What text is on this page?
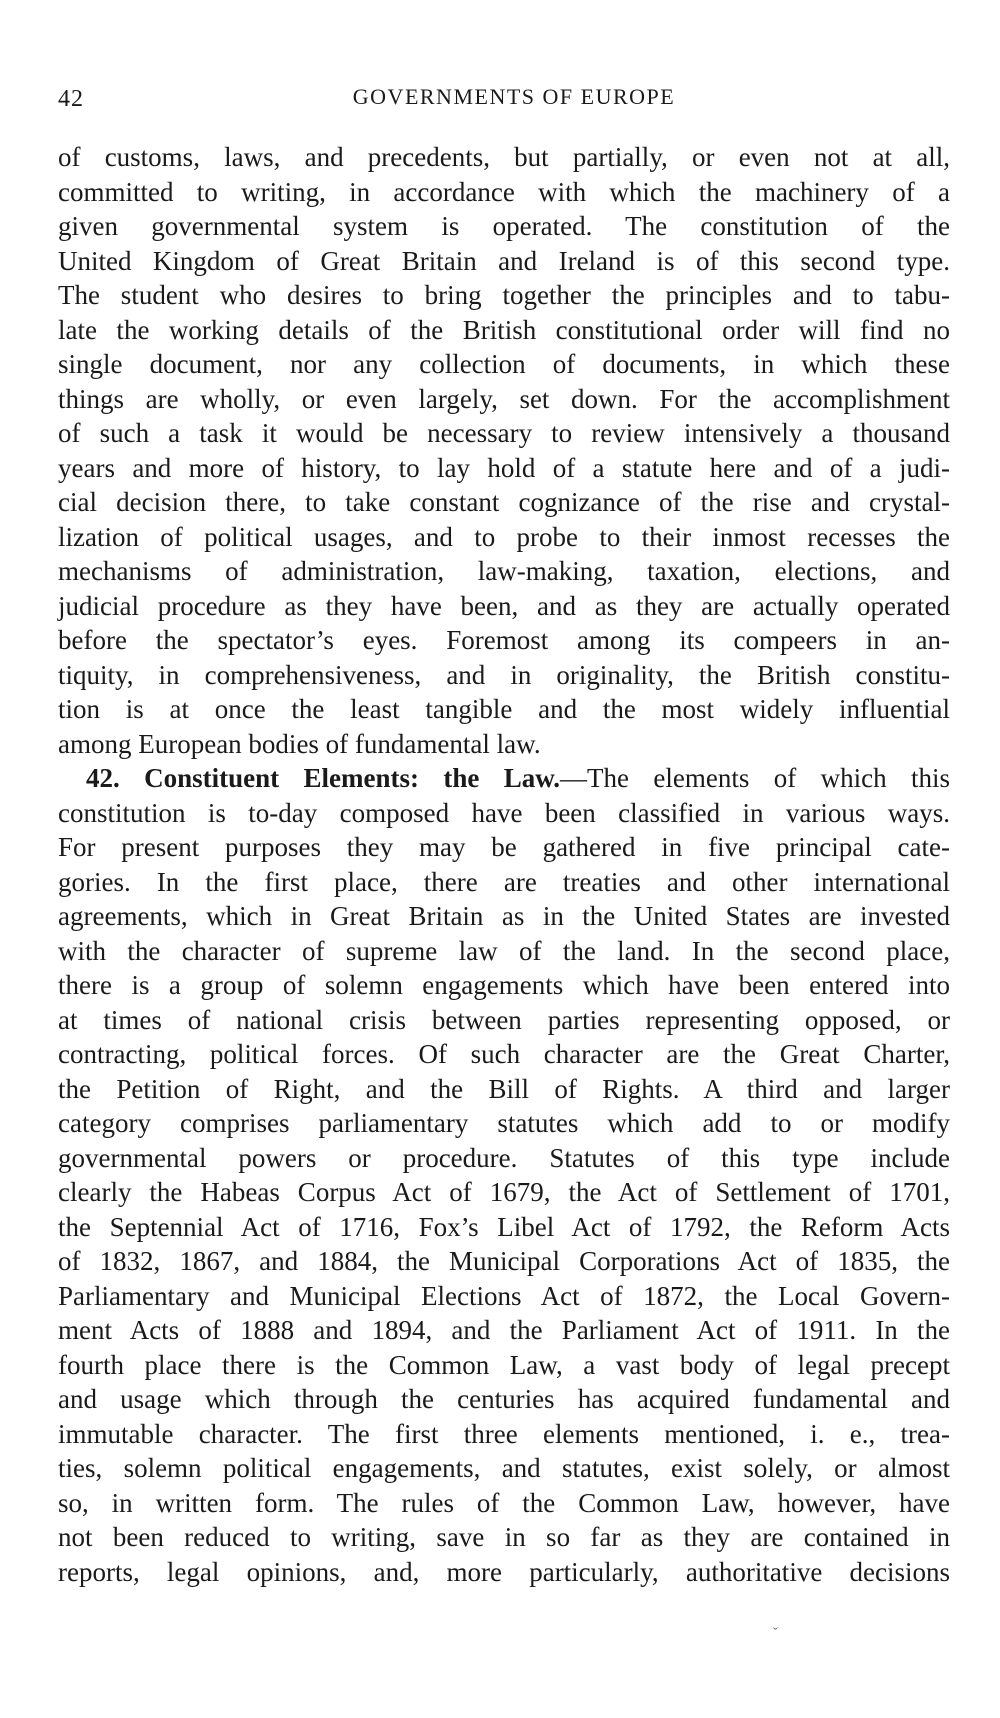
42	GOVERNMENTS OF EUROPE
of customs, laws, and precedents, but partially, or even not at all,
committed to writing, in accordance with which the machinery of a
given governmental system is operated. The constitution of the
United Kingdom of Great Britain and Ireland is of this second type.
The student who desires to bring together the principles and to tabu-
late the working details of the British constitutional order will find no
single document, nor any collection of documents, in which these
things are wholly, or even largely, set down. For the accomplishment
of such a task it would be necessary to review intensively a thousand
years and more of history, to lay hold of a statute here and of a judi-
cial decision there, to take constant cognizance of the rise and crystal-
lization of political usages, and to probe to their inmost recesses the
mechanisms of administration, law-making, taxation, elections, and
judicial procedure as they have been, and as they are actually operated
before the spectator’s eyes. Foremost among its compeers in an-
tiquity, in comprehensiveness, and in originality, the British constitu-
tion is at once the least tangible and the most widely influential
among European bodies of fundamental law.
42. Constituent Elements: the Law.—The elements of which this
constitution is to-day composed have been classified in various ways.
For present purposes they may be gathered in five principal cate-
gories. In the first place, there are treaties and other international
agreements, which in Great Britain as in the United States are invested
with the character of supreme law of the land. In the second place,
there is a group of solemn engagements which have been entered into
at times of national crisis between parties representing opposed, or
contracting, political forces. Of such character are the Great Charter,
the Petition of Right, and the Bill of Rights. A third and larger
category comprises parliamentary statutes which add to or modify
governmental powers or procedure. Statutes of this type include
clearly the Habeas Corpus Act of 1679, the Act of Settlement of 1701,
the Septennial Act of 1716, Fox’s Libel Act of 1792, the Reform Acts
of 1832, 1867, and 1884, the Municipal Corporations Act of 1835, the
Parliamentary and Municipal Elections Act of 1872, the Local Govern-
ment Acts of 1888 and 1894, and the Parliament Act of 1911. In the
fourth place there is the Common Law, a vast body of legal precept
and usage which through the centuries has acquired fundamental and
immutable character. The first three elements mentioned, i. e., trea-
ties, solemn political engagements, and statutes, exist solely, or almost
so, in written form. The rules of the Common Law, however, have
not been reduced to writing, save in so far as they are contained in
reports, legal opinions, and, more particularly, authoritative decisions
ˇ
